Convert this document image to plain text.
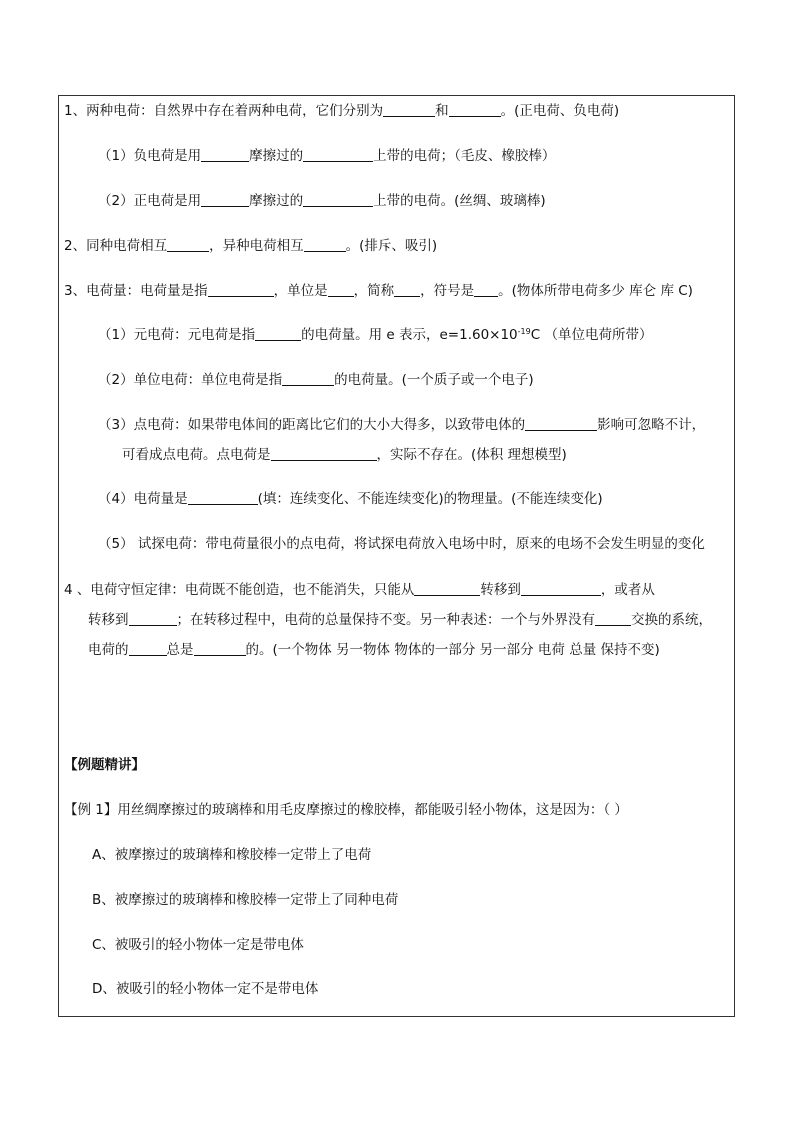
1、两种电荷：自然界中存在着两种电荷，它们分别为	和	。(正电荷、负电荷)
（1）负电荷是用	摩擦过的	上带的电荷；（毛皮、橡胶棒）
（2）正电荷是用	摩擦过的	上带的电荷。(丝绸、玻璃棒)
2、同种电荷相互	，异种电荷相互	。(排斥、吸引)
3、电荷量：电荷量是指	，单位是 ，简称 ，符号是 。(物体所带电荷多少 库仑 库 C)
（1）元电荷：元电荷是指	的电荷量。用 e 表示，$e=1.60\times 10^{-19}C$ （单位电荷所带）
（2）单位电荷：单位电荷是指	的电荷量。(一个质子或一个电子)
（3）点电荷：如果带电体间的距离比它们的大小大得多，以致带电体的	影响可忽略不计，
可看成点电荷。点电荷是	，实际不存在。(体积 理想模型)
（4）电荷量是	(填：连续变化、不能连续变化)的物理量。(不能连续变化)
（5） 试探电荷：带电荷量很小的点电荷，将试探电荷放入电场中时，原来的电场不会发生明显的变化
4 、电荷守恒定律：电荷既不能创造，也不能消失，只能从	转移到	，或者从
转移到	；在转移过程中，电荷的总量保持不变。另一种表述：一个与外界没有	交换的系统，
电荷的	总是	的。(一个物体 另一物体 物体的一部分 另一部分 电荷 总量 保持不变)
【例题精讲】
【例 1】用丝绸摩擦过的玻璃棒和用毛皮摩擦过的橡胶棒，都能吸引轻小物体，这是因为：（ ）
A、被摩擦过的玻璃棒和橡胶棒一定带上了电荷
B、被摩擦过的玻璃棒和橡胶棒一定带上了同种电荷
C、被吸引的轻小物体一定是带电体
D、被吸引的轻小物体一定不是带电体
